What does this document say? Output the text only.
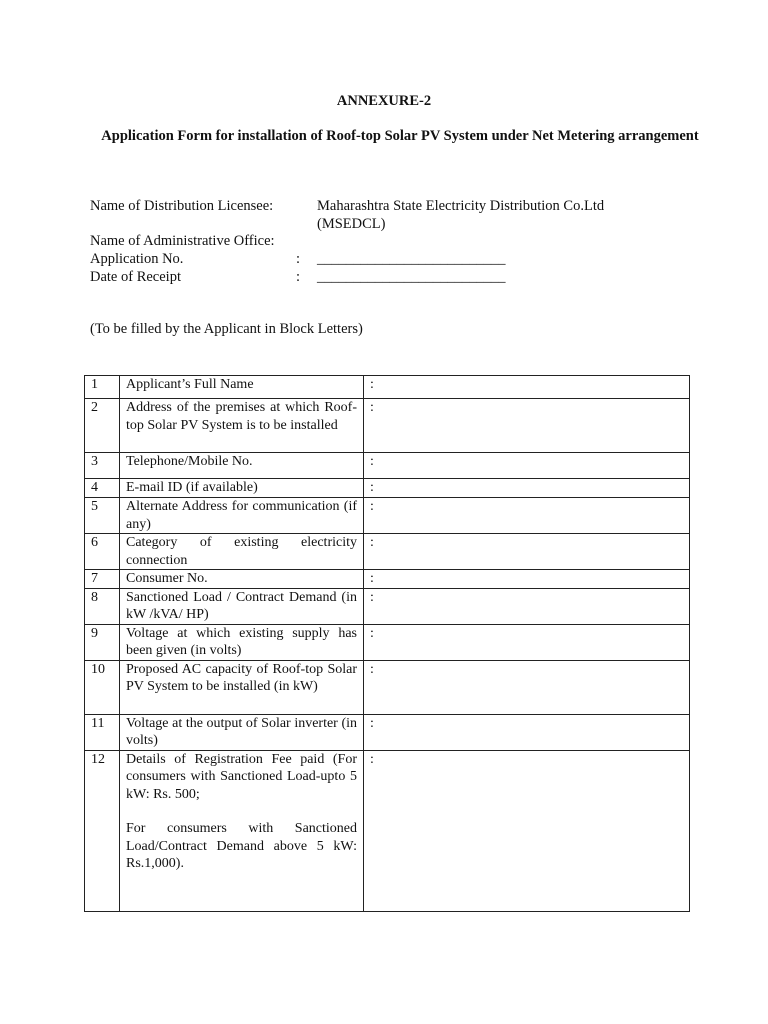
ANNEXURE-2
Application Form for installation of Roof-top Solar PV System under Net Metering arrangement
Name of Distribution Licensee:	Maharashtra State Electricity Distribution Co.Ltd
(MSEDCL)
Name of Administrative Office:
Application No.	: __________________________
Date of Receipt	: __________________________
(To be filled by the Applicant in Block Letters)
1	Applicant’s Full Name	:
2	Address of the premises at which Roof-top Solar PV System is to be installed	:
3	Telephone/Mobile No.	:
4	E-mail ID (if available)	:
5	Alternate Address for communication (if any)	:
6	Category of existing electricity connection	:
7	Consumer No.	:
8	Sanctioned Load / Contract Demand (in kW /kVA/ HP)	:
9	Voltage at which existing supply has been given (in volts)	:
10	Proposed AC capacity of Roof-top Solar PV System to be installed (in kW)	:
11	Voltage at the output of Solar inverter (in volts)	:
12	Details of Registration Fee paid (For consumers with Sanctioned Load-upto 5 kW: Rs. 500;
For consumers with Sanctioned Load/Contract Demand above 5 kW: Rs.1,000).	:
